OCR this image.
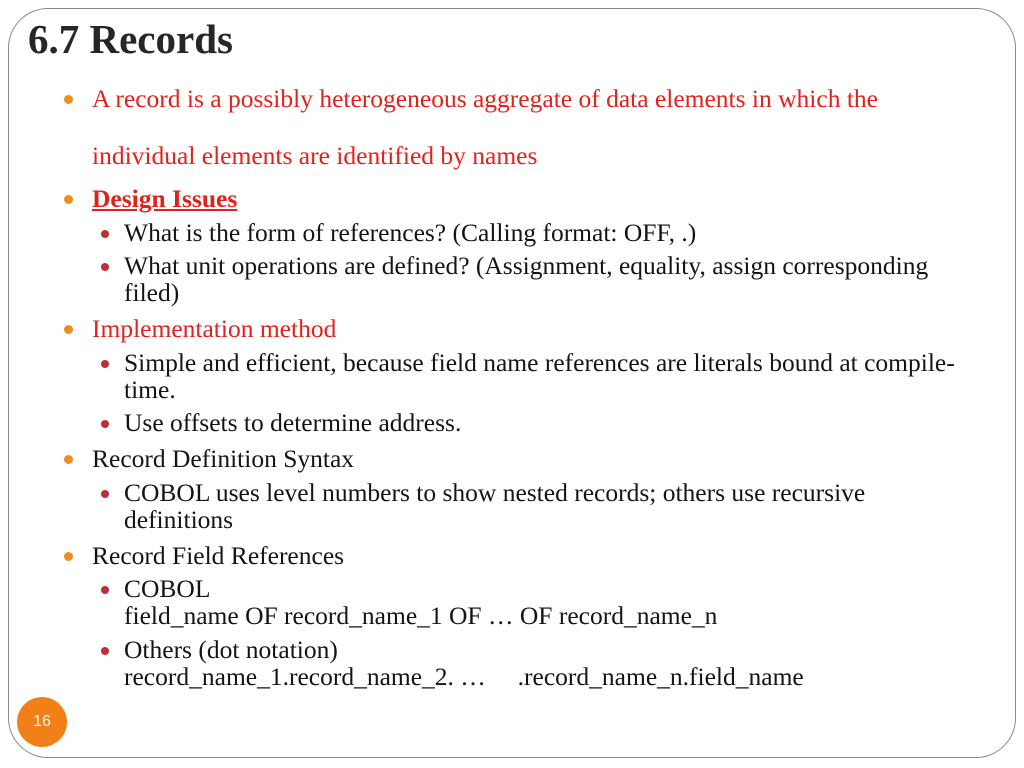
6.7 Records
A record is a possibly heterogeneous aggregate of data elements in which the
individual elements are identified by names
Design Issues
What is the form of references? (Calling format: OFF, .)
What unit operations are defined? (Assignment, equality, assign corresponding
filed)
Implementation method
Simple and efficient, because field name references are literals bound at compile-
time.
Use offsets to determine address.
Record Definition Syntax
COBOL uses level numbers to show nested records; others use recursive
definitions
Record Field References
COBOL
field_name OF record_name_1 OF … OF record_name_n
Others (dot notation)
record_name_1.record_name_2. …     .record_name_n.field_name
16
